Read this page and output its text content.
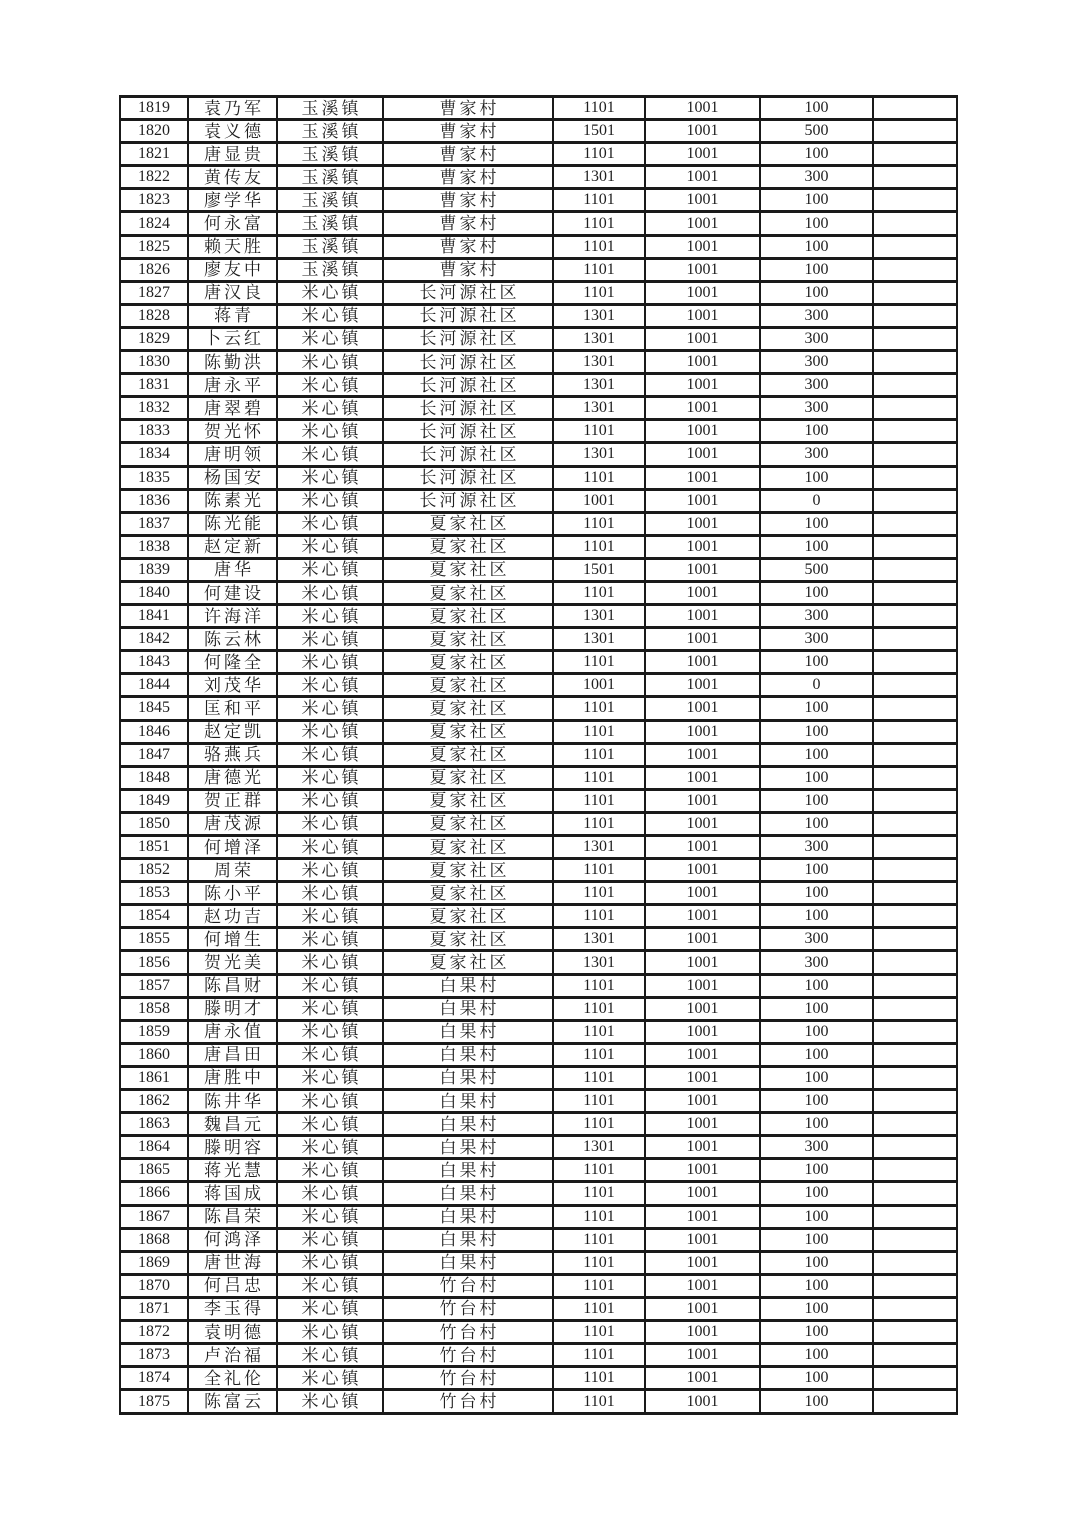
1819	袁乃军	玉溪镇	曹家村	1101	1001	100	
1820	袁义德	玉溪镇	曹家村	1501	1001	500	
1821	唐显贵	玉溪镇	曹家村	1101	1001	100	
1822	黄传友	玉溪镇	曹家村	1301	1001	300	
1823	廖学华	玉溪镇	曹家村	1101	1001	100	
1824	何永富	玉溪镇	曹家村	1101	1001	100	
1825	赖天胜	玉溪镇	曹家村	1101	1001	100	
1826	廖友中	玉溪镇	曹家村	1101	1001	100	
1827	唐汉良	米心镇	长河源社区	1101	1001	100	
1828	蒋青	米心镇	长河源社区	1301	1001	300	
1829	卜云红	米心镇	长河源社区	1301	1001	300	
1830	陈勤洪	米心镇	长河源社区	1301	1001	300	
1831	唐永平	米心镇	长河源社区	1301	1001	300	
1832	唐翠碧	米心镇	长河源社区	1301	1001	300	
1833	贺光怀	米心镇	长河源社区	1101	1001	100	
1834	唐明领	米心镇	长河源社区	1301	1001	300	
1835	杨国安	米心镇	长河源社区	1101	1001	100	
1836	陈素光	米心镇	长河源社区	1001	1001	0	
1837	陈光能	米心镇	夏家社区	1101	1001	100	
1838	赵定新	米心镇	夏家社区	1101	1001	100	
1839	唐华	米心镇	夏家社区	1501	1001	500	
1840	何建设	米心镇	夏家社区	1101	1001	100	
1841	许海洋	米心镇	夏家社区	1301	1001	300	
1842	陈云林	米心镇	夏家社区	1301	1001	300	
1843	何隆全	米心镇	夏家社区	1101	1001	100	
1844	刘茂华	米心镇	夏家社区	1001	1001	0	
1845	匡和平	米心镇	夏家社区	1101	1001	100	
1846	赵定凯	米心镇	夏家社区	1101	1001	100	
1847	骆燕兵	米心镇	夏家社区	1101	1001	100	
1848	唐德光	米心镇	夏家社区	1101	1001	100	
1849	贺正群	米心镇	夏家社区	1101	1001	100	
1850	唐茂源	米心镇	夏家社区	1101	1001	100	
1851	何增泽	米心镇	夏家社区	1301	1001	300	
1852	周荣	米心镇	夏家社区	1101	1001	100	
1853	陈小平	米心镇	夏家社区	1101	1001	100	
1854	赵功吉	米心镇	夏家社区	1101	1001	100	
1855	何增生	米心镇	夏家社区	1301	1001	300	
1856	贺光美	米心镇	夏家社区	1301	1001	300	
1857	陈昌财	米心镇	白果村	1101	1001	100	
1858	滕明才	米心镇	白果村	1101	1001	100	
1859	唐永值	米心镇	白果村	1101	1001	100	
1860	唐昌田	米心镇	白果村	1101	1001	100	
1861	唐胜中	米心镇	白果村	1101	1001	100	
1862	陈井华	米心镇	白果村	1101	1001	100	
1863	魏昌元	米心镇	白果村	1101	1001	100	
1864	滕明容	米心镇	白果村	1301	1001	300	
1865	蒋光慧	米心镇	白果村	1101	1001	100	
1866	蒋国成	米心镇	白果村	1101	1001	100	
1867	陈昌荣	米心镇	白果村	1101	1001	100	
1868	何鸿泽	米心镇	白果村	1101	1001	100	
1869	唐世海	米心镇	白果村	1101	1001	100	
1870	何吕忠	米心镇	竹台村	1101	1001	100	
1871	李玉得	米心镇	竹台村	1101	1001	100	
1872	袁明德	米心镇	竹台村	1101	1001	100	
1873	卢治福	米心镇	竹台村	1101	1001	100	
1874	全礼伦	米心镇	竹台村	1101	1001	100	
1875	陈富云	米心镇	竹台村	1101	1001	100	
